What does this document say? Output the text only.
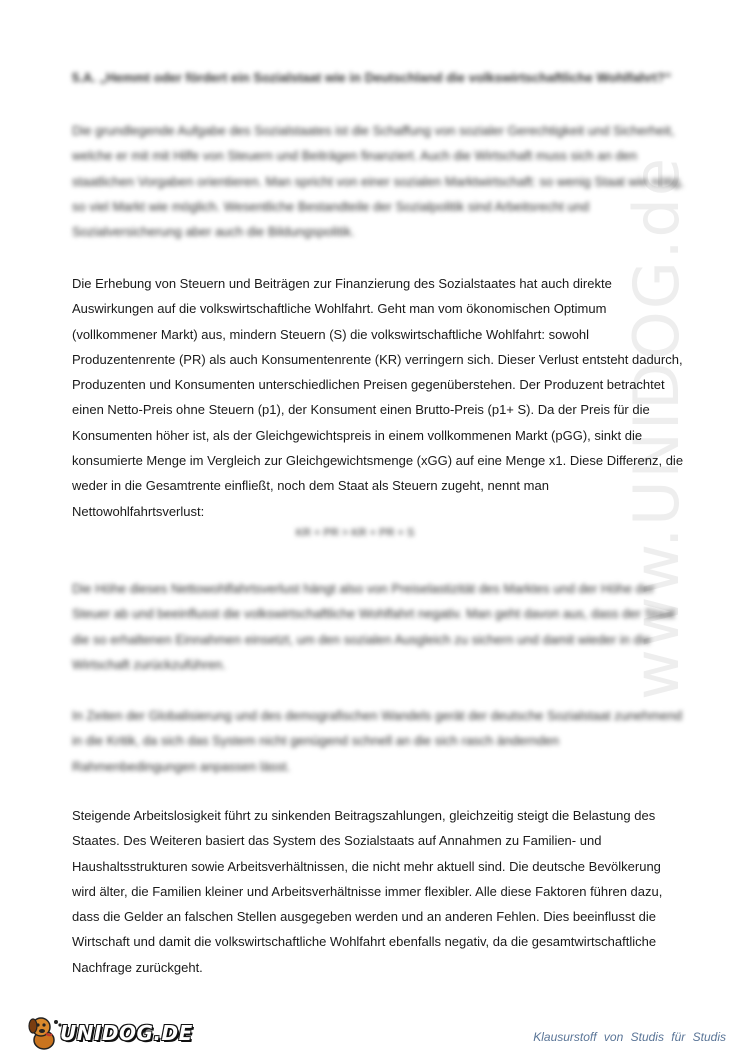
www.UNIDOG.de
5.A. „Hemmt oder fördert ein Sozialstaat wie in Deutschland die volkswirtschaftliche Wohlfahrt?“
Die grundlegende Aufgabe des Sozialstaates ist die Schaffung von sozialer Gerechtigkeit und Sicherheit, welche er mit mit Hilfe von Steuern und Beiträgen finanziert. Auch die Wirtschaft muss sich an den staatlichen Vorgaben orientieren. Man spricht von einer sozialen Marktwirtschaft: so wenig Staat wie nötig, so viel Markt wie möglich. Wesentliche Bestandteile der Sozialpolitik sind Arbeitsrecht und Sozialversicherung aber auch die Bildungspolitik.
Die Erhebung von Steuern und Beiträgen zur Finanzierung des Sozialstaates hat auch direkte Auswirkungen auf die volkswirtschaftliche Wohlfahrt. Geht man vom ökonomischen Optimum (vollkommener Markt) aus, mindern Steuern (S) die volkswirtschaftliche Wohlfahrt: sowohl Produzentenrente (PR) als auch Konsumentenrente (KR) verringern sich. Dieser Verlust entsteht dadurch, Produzenten und Konsumenten unterschiedlichen Preisen gegenüberstehen. Der Produzent betrachtet einen Netto-Preis ohne Steuern (p1), der Konsument einen Brutto-Preis (p1+ S). Da der Preis für die Konsumenten höher ist, als der Gleichgewichtspreis in einem vollkommenen Markt (pGG), sinkt die konsumierte Menge im Vergleich zur Gleichgewichtsmenge (xGG) auf eine Menge x1. Diese Differenz, die weder in die Gesamtrente einfließt, noch dem Staat als Steuern zugeht, nennt man Nettowohlfahrtsverlust:
KR + PR > KR + PR + S
Die Höhe dieses Nettowohlfahrtsverlust hängt also von Preiselastizität des Marktes und der Höhe der Steuer ab und beeinflusst die volkswirtschaftliche Wohlfahrt negativ. Man geht davon aus, dass der Staat die so erhaltenen Einnahmen einsetzt, um den sozialen Ausgleich zu sichern und damit wieder in die Wirtschaft zurückzuführen.
In Zeiten der Globalisierung und des demografischen Wandels gerät der deutsche Sozialstaat zunehmend in die Kritik, da sich das System nicht genügend schnell an die sich rasch ändernden Rahmenbedingungen anpassen lässt.
Steigende Arbeitslosigkeit führt zu sinkenden Beitragszahlungen, gleichzeitig steigt die Belastung des Staates. Des Weiteren basiert das System des Sozialstaats auf Annahmen zu Familien- und Haushaltsstrukturen sowie Arbeitsverhältnissen, die nicht mehr aktuell sind. Die deutsche Bevölkerung wird älter, die Familien kleiner und Arbeitsverhältnisse immer flexibler. Alle diese Faktoren führen dazu, dass die Gelder an falschen Stellen ausgegeben werden und an anderen Fehlen. Dies beeinflusst die Wirtschaft und damit die volkswirtschaftliche Wohlfahrt ebenfalls negativ, da die gesamtwirtschaftliche Nachfrage zurückgeht.
UNIDOG.DE	Klausurstoff von Studis für Studis
